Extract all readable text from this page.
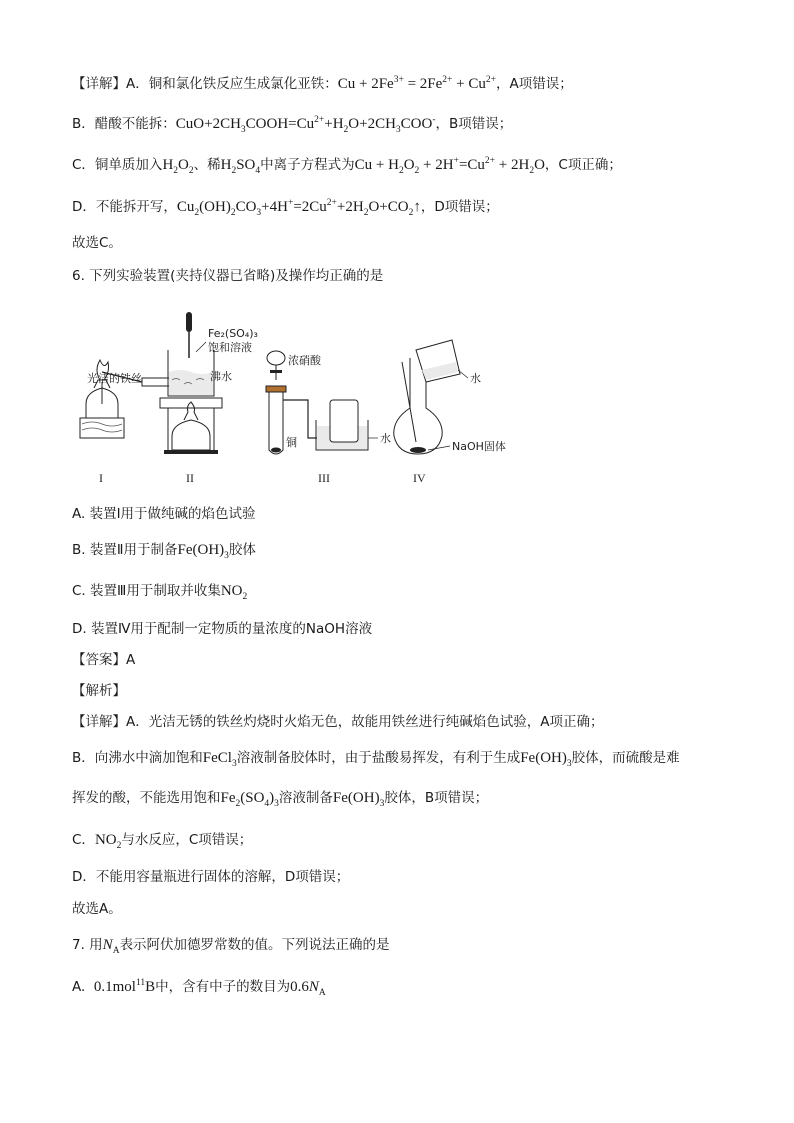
【详解】A．铜和氯化铁反应生成氯化亚铁：$Cu + 2Fe^{3+} = 2Fe^{2+} + Cu^{2+}$，A项错误；
B．醋酸不能拆：$CuO+2CH_3COOH=Cu^{2+}+H_2O+2CH_3COO^-$，B项错误；
C．铜单质加入$H_2O_2$、稀$H_2SO_4$中离子方程式为$Cu + H_2O_2 + 2H^+=Cu^{2+} + 2H_2O$，C项正确；
D．不能拆开写，$Cu_2(OH)_2CO_3+4H^+=2Cu^{2+}+2H_2O+CO_2↑$，D项错误；
故选C。
6. 下列实验装置(夹持仪器已省略)及操作均正确的是
光洁的铁丝
I
Fe₂(SO₄)₃
饱和溶液
沸水
II
浓硝酸
铜	水
III
水
NaOH固体
IV
A. 装置Ⅰ用于做纯碱的焰色试验
B. 装置Ⅱ用于制备$Fe(OH)_3$胶体
C. 装置Ⅲ用于制取并收集$NO_2$
D. 装置Ⅳ用于配制一定物质的量浓度的NaOH溶液
【答案】A
【解析】
【详解】A．光洁无锈的铁丝灼烧时火焰无色，故能用铁丝进行纯碱焰色试验，A项正确；
B．向沸水中滴加饱和FeCl$_3$溶液制备胶体时，由于盐酸易挥发，有利于生成$Fe(OH)_3$胶体，而硫酸是难
挥发的酸，不能选用饱和$Fe_2(SO_4)_3$溶液制备$Fe(OH)_3$胶体，B项错误；
C．$NO_2$与水反应，C项错误；
D．不能用容量瓶进行固体的溶解，D项错误；
故选A。
7. 用$N_A$表示阿伏加德罗常数的值。下列说法正确的是
A. 0.1mol$^{11}$B中，含有中子的数目为$0.6N_A$
